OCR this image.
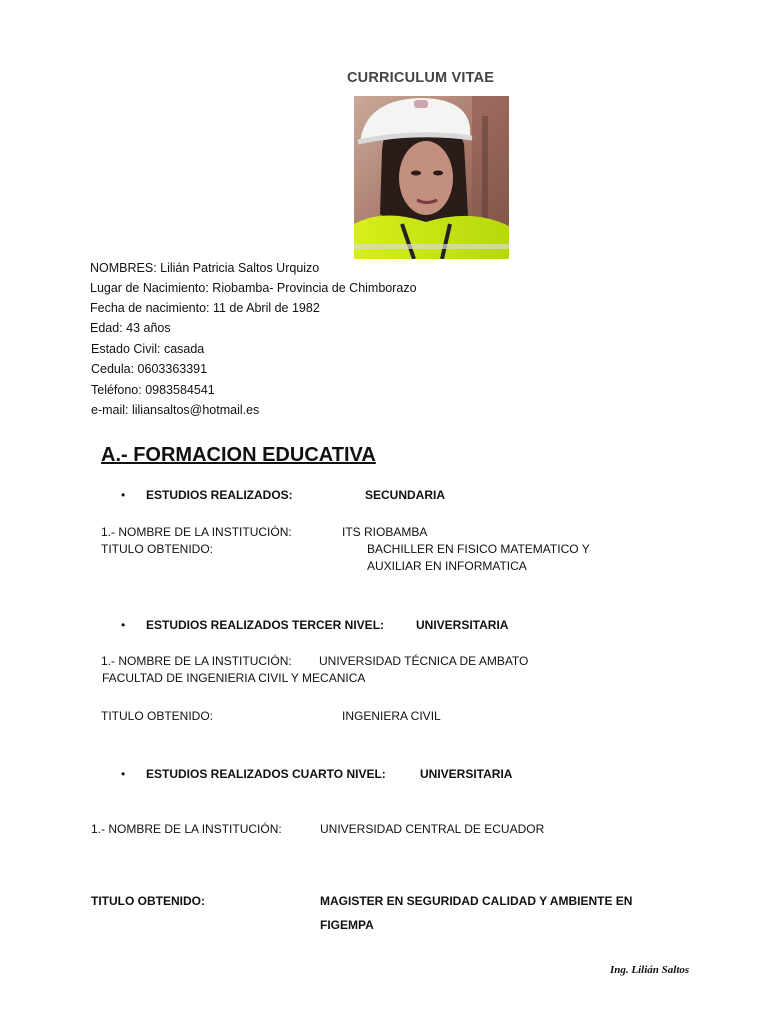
CURRICULUM VITAE
NOMBRES: Lilián Patricia Saltos Urquizo
Lugar de Nacimiento: Riobamba- Provincia de Chimborazo
Fecha de nacimiento: 11 de Abril de 1982
Edad: 43 años
Estado Civil: casada
Cedula: 0603363391
Teléfono: 0983584541
e-mail: liliansaltos@hotmail.es
A.- FORMACION EDUCATIVA
• ESTUDIOS REALIZADOS:	SECUNDARIA
1.- NOMBRE DE LA INSTITUCIÓN:	ITS RIOBAMBA
TITULO OBTENIDO:	BACHILLER EN FISICO MATEMATICO Y
AUXILIAR EN INFORMATICA
• ESTUDIOS REALIZADOS TERCER NIVEL:	UNIVERSITARIA
1.- NOMBRE DE LA INSTITUCIÓN: UNIVERSIDAD TÉCNICA DE AMBATO
FACULTAD DE INGENIERIA CIVIL Y MECANICA
TITULO OBTENIDO:	INGENIERA CIVIL
• ESTUDIOS REALIZADOS CUARTO NIVEL:	UNIVERSITARIA
1.- NOMBRE DE LA INSTITUCIÓN:	UNIVERSIDAD CENTRAL DE ECUADOR
TITULO OBTENIDO:	MAGISTER EN SEGURIDAD CALIDAD Y AMBIENTE EN
FIGEMPA
Ing. Lilián Saltos
